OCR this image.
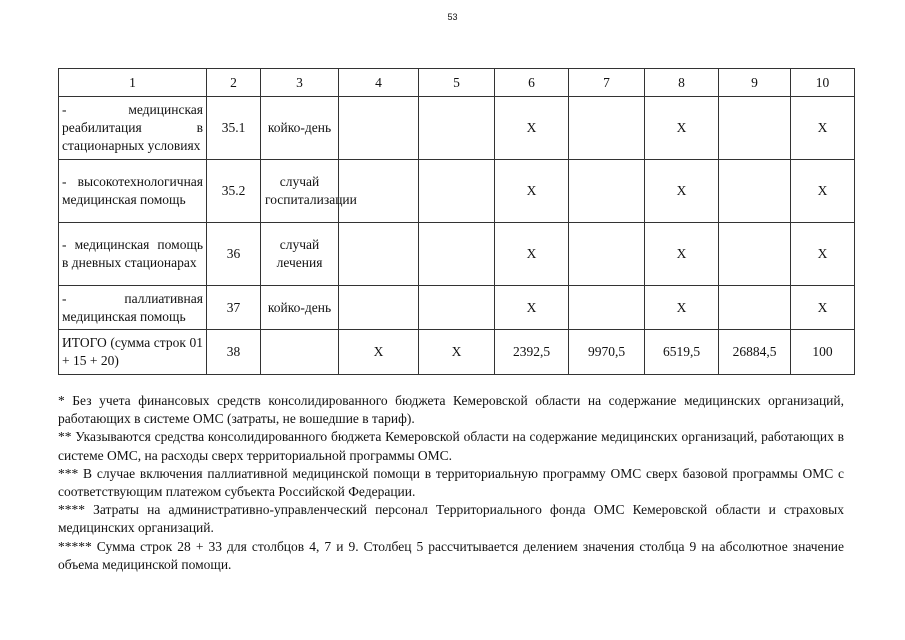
53
1	2	3	4	5	6	7	8	9	10
- медицинская реабилитация в стационарных условиях	35.1	койко-день			Х		Х		Х
- высокотехнологичная медицинская помощь	35.2	случай госпитализации			Х		Х		Х
- медицинская помощь в дневных стационарах	36	случай лечения			Х		Х		Х
- паллиативная медицинская помощь	37	койко-день			Х		Х		Х
ИТОГО (сумма строк 01 + 15 + 20)	38		Х	Х	2392,5	9970,5	6519,5	26884,5	100

* Без учета финансовых средств консолидированного бюджета Кемеровской области на содержание медицинских организаций, работающих в системе ОМС (затраты, не вошедшие в тариф).

** Указываются средства консолидированного бюджета Кемеровской области на содержание медицинских организаций, работающих в системе ОМС, на расходы сверх территориальной программы ОМС.

*** В случае включения паллиативной медицинской помощи в территориальную программу ОМС сверх базовой программы ОМС с соответствующим платежом субъекта Российской Федерации.

**** Затраты на административно-управленческий персонал Территориального фонда ОМС Кемеровской области и страховых медицинских организаций.

***** Сумма строк 28 + 33 для столбцов 4, 7 и 9. Столбец 5 рассчитывается делением значения столбца 9 на абсолютное значение объема медицинской помощи.
